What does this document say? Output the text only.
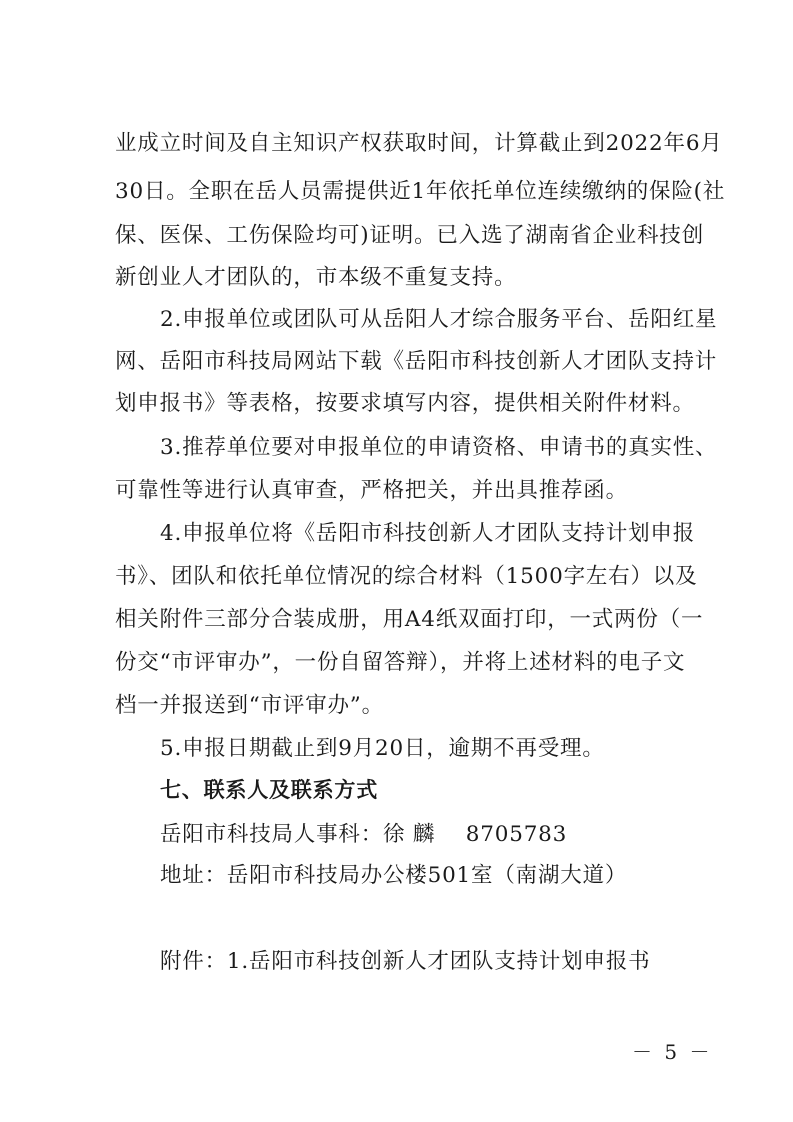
业成立时间及自主知识产权获取时间，计算截止到2022年6月

30日。全职在岳人员需提供近1年依托单位连续缴纳的保险(社

保、医保、工伤保险均可)证明。已入选了湖南省企业科技创

新创业人才团队的，市本级不重复支持。

2.申报单位或团队可从岳阳人才综合服务平台、岳阳红星

网、岳阳市科技局网站下载《岳阳市科技创新人才团队支持计

划申报书》等表格，按要求填写内容，提供相关附件材料。

3.推荐单位要对申报单位的申请资格、申请书的真实性、

可靠性等进行认真审查，严格把关，并出具推荐函。

4.申报单位将《岳阳市科技创新人才团队支持计划申报

书》、团队和依托单位情况的综合材料（1500字左右）以及

相关附件三部分合装成册，用A4纸双面打印，一式两份（一

份交“市评审办”，一份自留答辩），并将上述材料的电子文

档一并报送到“市评审办”。

5.申报日期截止到9月20日，逾期不再受理。

七、联系人及联系方式

岳阳市科技局人事科：徐 麟    8705783

地址：岳阳市科技局办公楼501室（南湖大道）

附件：1.岳阳市科技创新人才团队支持计划申报书

－ 5 －
